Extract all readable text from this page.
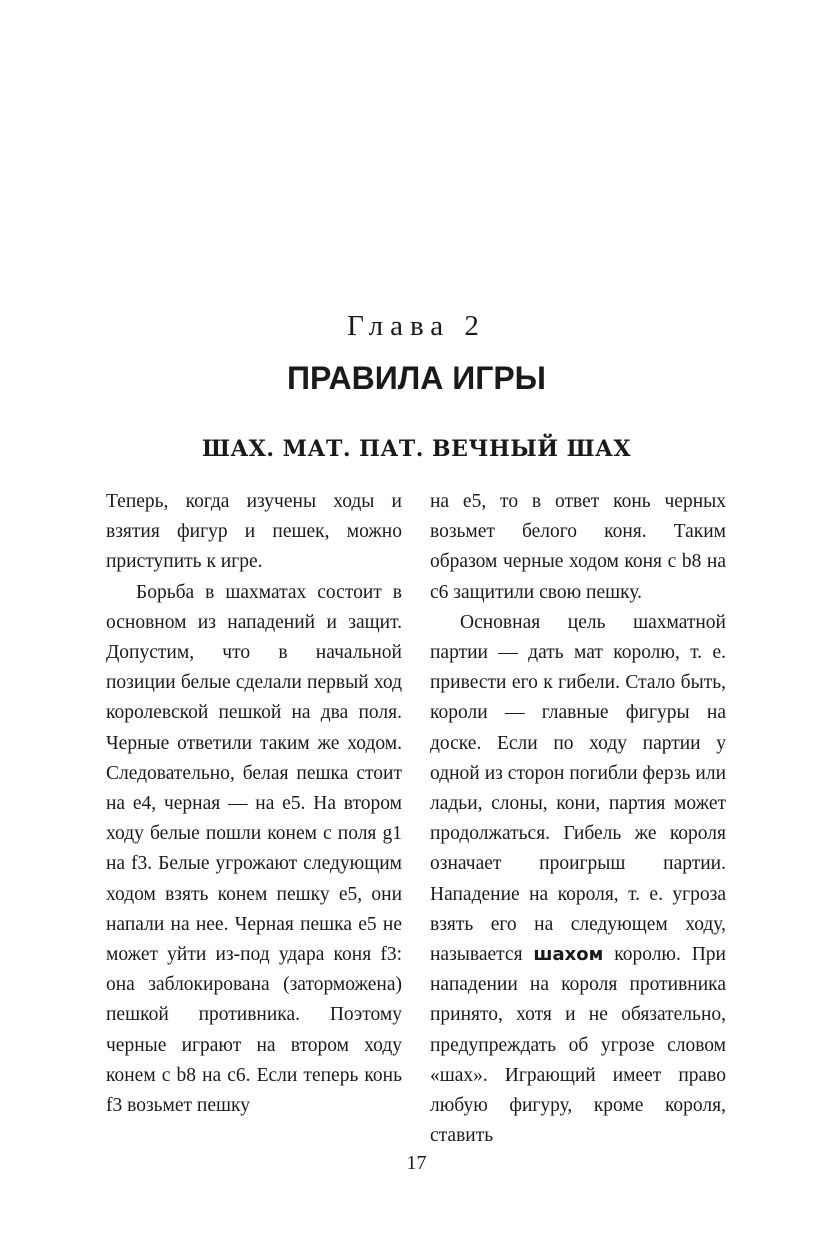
Глава 2
ПРАВИЛА ИГРЫ
ШАХ. МАТ. ПАТ. ВЕЧНЫЙ ШАХ

Теперь, когда изучены ходы и взятия фигур и пешек, можно приступить к игре.

Борьба в шахматах состоит в основном из нападений и защит. Допустим, что в начальной позиции белые сделали первый ход королевской пешкой на два поля. Черные ответили таким же ходом. Следовательно, белая пешка стоит на е4, черная — на е5. На втором ходу белые пошли конем с поля g1 на f3. Белые угрожают следующим ходом взять конем пешку е5, они напали на нее. Черная пешка е5 не может уйти из-под удара коня f3: она заблокирована (заторможена) пешкой противника. Поэтому черные играют на втором ходу конем с b8 на с6. Если теперь конь f3 возьмет пешку

на е5, то в ответ конь черных возьмет белого коня. Таким образом черные ходом коня с b8 на с6 защитили свою пешку.

Основная цель шахматной партии — дать мат королю, т. е. привести его к гибели. Стало быть, короли — главные фигуры на доске. Если по ходу партии у одной из сторон погибли ферзь или ладьи, слоны, кони, партия может продолжаться. Гибель же короля означает проигрыш партии. Нападение на короля, т. е. угроза взять его на следующем ходу, называется шахом королю. При нападении на короля противника принято, хотя и не обязательно, предупреждать об угрозе словом «шах». Играющий имеет право любую фигуру, кроме короля, ставить

17
